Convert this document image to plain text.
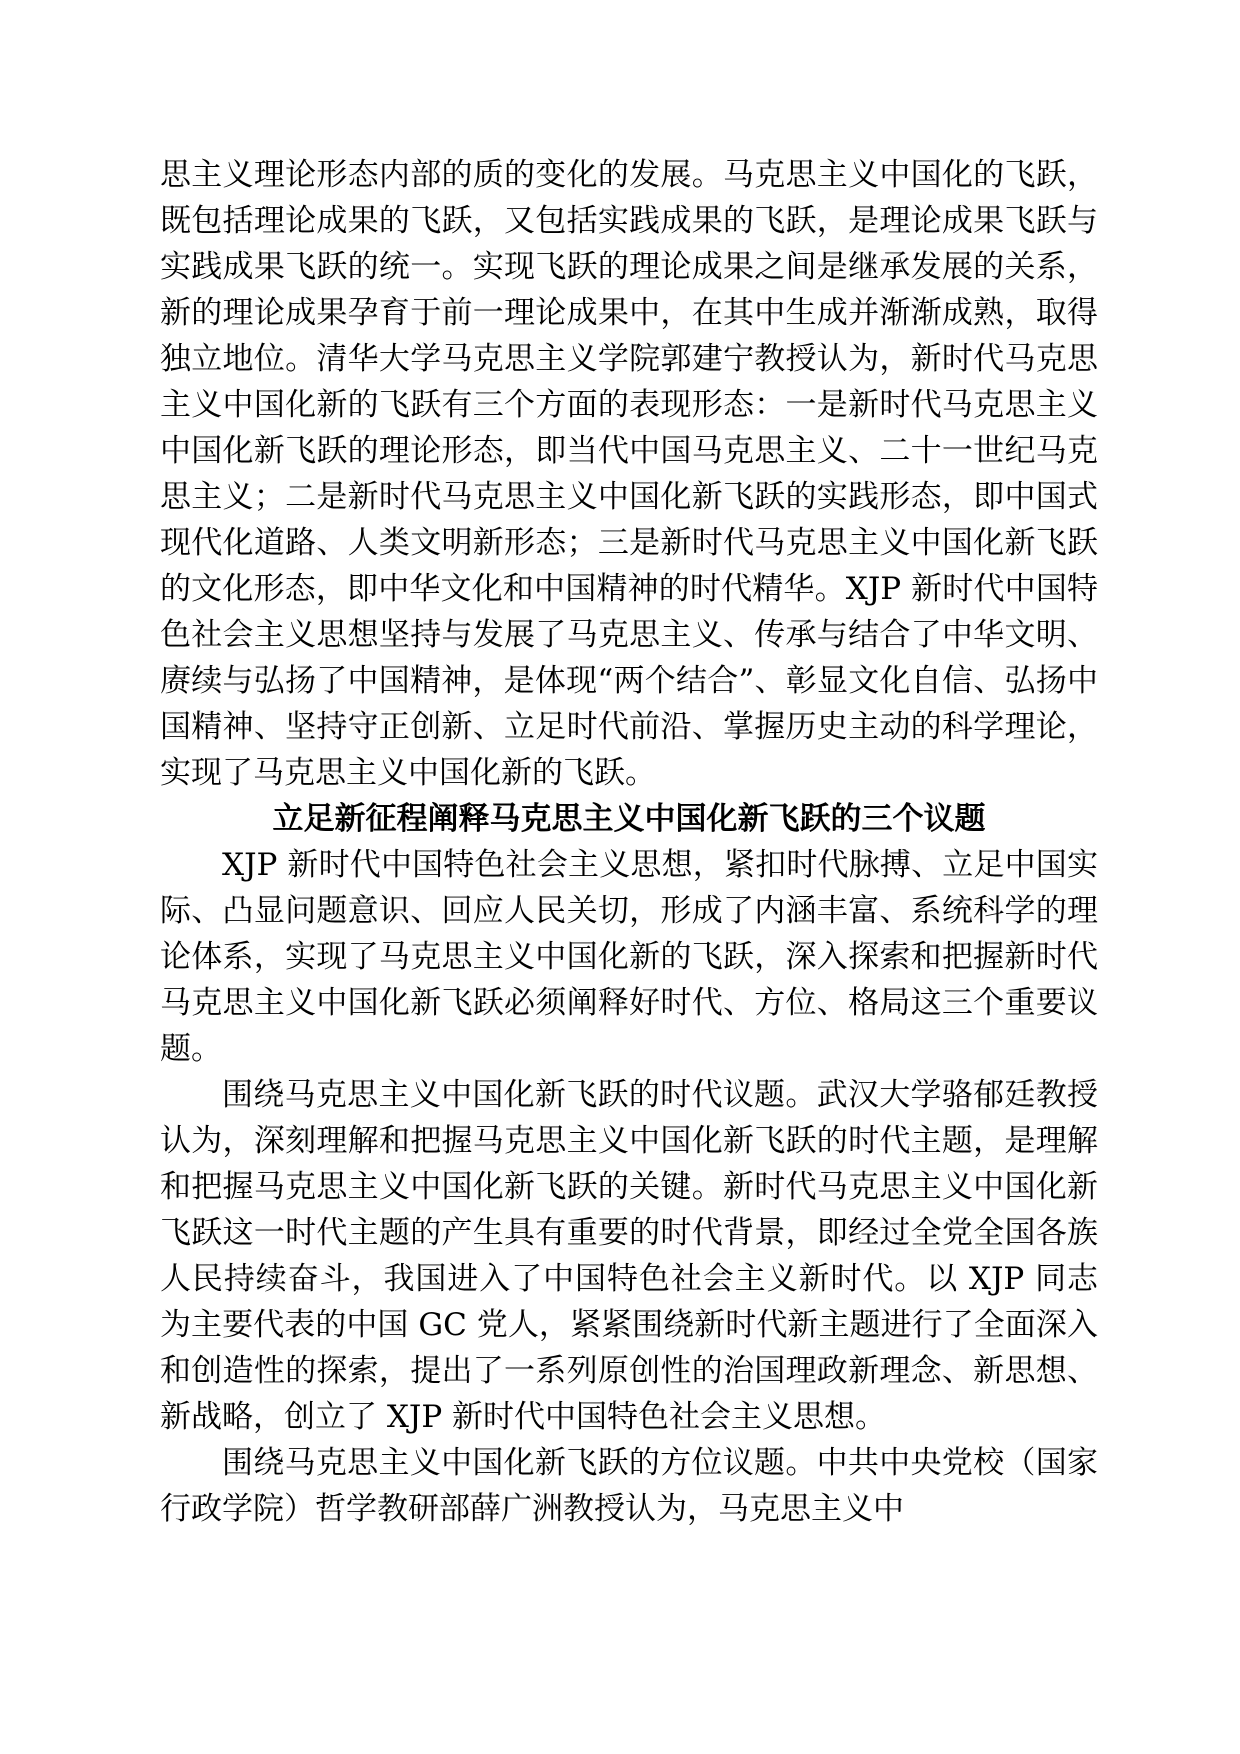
思主义理论形态内部的质的变化的发展。马克思主义中国化的飞跃，既包括理论成果的飞跃，又包括实践成果的飞跃，是理论成果飞跃与实践成果飞跃的统一。实现飞跃的理论成果之间是继承发展的关系，新的理论成果孕育于前一理论成果中，在其中生成并渐渐成熟，取得独立地位。清华大学马克思主义学院郭建宁教授认为，新时代马克思主义中国化新的飞跃有三个方面的表现形态：一是新时代马克思主义中国化新飞跃的理论形态，即当代中国马克思主义、二十一世纪马克思主义；二是新时代马克思主义中国化新飞跃的实践形态，即中国式现代化道路、人类文明新形态；三是新时代马克思主义中国化新飞跃的文化形态，即中华文化和中国精神的时代精华。XJP 新时代中国特色社会主义思想坚持与发展了马克思主义、传承与结合了中华文明、赓续与弘扬了中国精神，是体现“两个结合”、彰显文化自信、弘扬中国精神、坚持守正创新、立足时代前沿、掌握历史主动的科学理论，实现了马克思主义中国化新的飞跃。

立足新征程阐释马克思主义中国化新飞跃的三个议题

XJP 新时代中国特色社会主义思想，紧扣时代脉搏、立足中国实际、凸显问题意识、回应人民关切，形成了内涵丰富、系统科学的理论体系，实现了马克思主义中国化新的飞跃，深入探索和把握新时代马克思主义中国化新飞跃必须阐释好时代、方位、格局这三个重要议题。

围绕马克思主义中国化新飞跃的时代议题。武汉大学骆郁廷教授认为，深刻理解和把握马克思主义中国化新飞跃的时代主题，是理解和把握马克思主义中国化新飞跃的关键。新时代马克思主义中国化新飞跃这一时代主题的产生具有重要的时代背景，即经过全党全国各族人民持续奋斗，我国进入了中国特色社会主义新时代。以 XJP 同志为主要代表的中国 GC 党人，紧紧围绕新时代新主题进行了全面深入和创造性的探索，提出了一系列原创性的治国理政新理念、新思想、新战略，创立了 XJP 新时代中国特色社会主义思想。

围绕马克思主义中国化新飞跃的方位议题。中共中央党校（国家行政学院）哲学教研部薛广洲教授认为，马克思主义中
